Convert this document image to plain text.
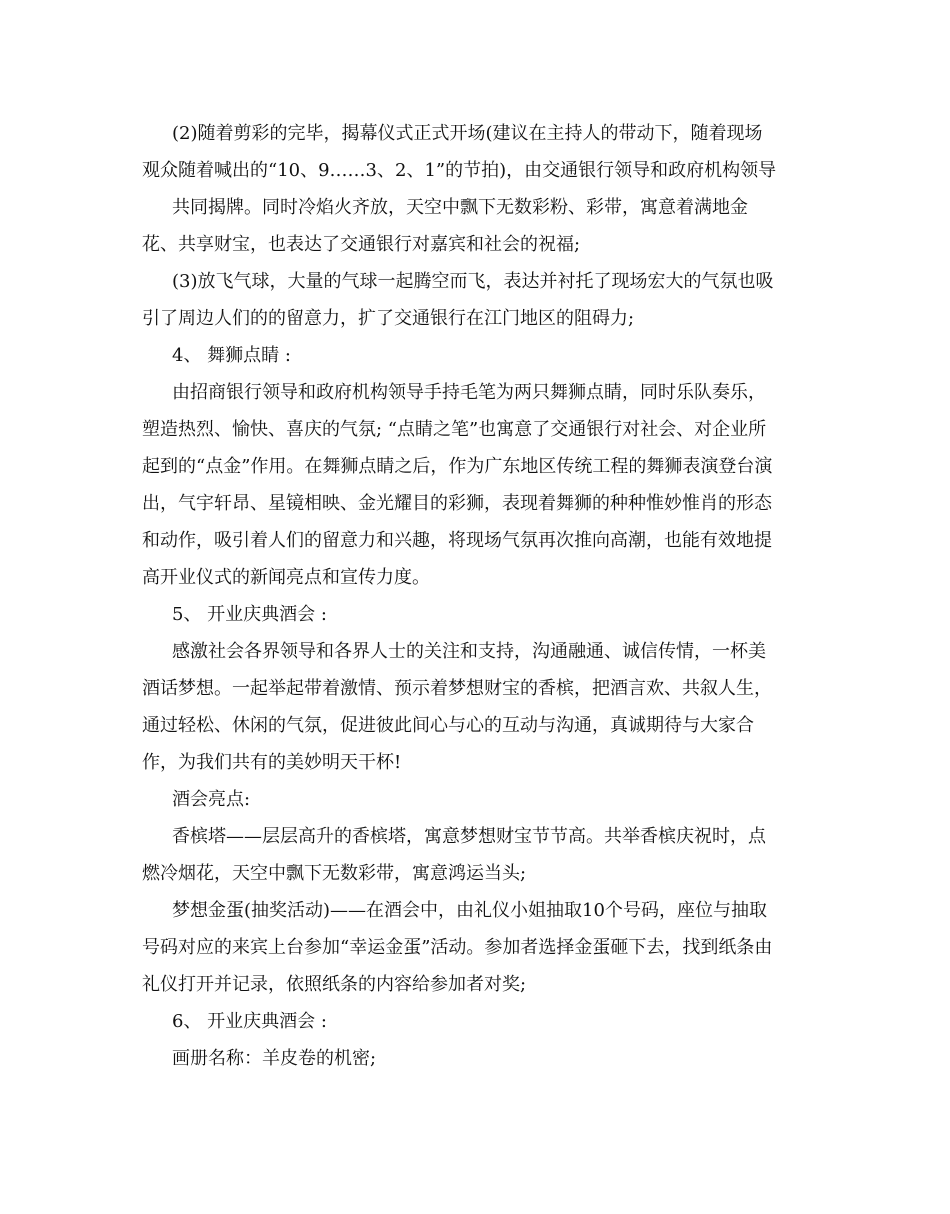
(2)随着剪彩的完毕，揭幕仪式正式开场(建议在主持人的带动下，随着现场
观众随着喊出的“10、9……3、2、1”的节拍)，由交通银行领导和政府机构领导
共同揭牌。同时冷焰火齐放，天空中飘下无数彩粉、彩带，寓意着满地金
花、共享财宝，也表达了交通银行对嘉宾和社会的祝福;
(3)放飞气球，大量的气球一起腾空而飞，表达并衬托了现场宏大的气氛也吸
引了周边人们的的留意力，扩了交通银行在江门地区的阻碍力;
4、 舞狮点睛 :
由招商银行领导和政府机构领导手持毛笔为两只舞狮点睛，同时乐队奏乐，
塑造热烈、愉快、喜庆的气氛; “点睛之笔”也寓意了交通银行对社会、对企业所
起到的“点金”作用。在舞狮点睛之后，作为广东地区传统工程的舞狮表演登台演
出，气宇轩昂、星镜相映、金光耀目的彩狮，表现着舞狮的种种惟妙惟肖的形态
和动作，吸引着人们的留意力和兴趣，将现场气氛再次推向高潮，也能有效地提
高开业仪式的新闻亮点和宣传力度。
5、 开业庆典酒会 :
感激社会各界领导和各界人士的关注和支持，沟通融通、诚信传情，一杯美
酒话梦想。一起举起带着激情、预示着梦想财宝的香槟，把酒言欢、共叙人生，
通过轻松、休闲的气氛，促进彼此间心与心的互动与沟通，真诚期待与大家合
作，为我们共有的美妙明天干杯!
酒会亮点:
香槟塔——层层高升的香槟塔，寓意梦想财宝节节高。共举香槟庆祝时，点
燃冷烟花，天空中飘下无数彩带，寓意鸿运当头;
梦想金蛋(抽奖活动)——在酒会中，由礼仪小姐抽取10个号码，座位与抽取
号码对应的来宾上台参加“幸运金蛋”活动。参加者选择金蛋砸下去，找到纸条由
礼仪打开并记录，依照纸条的内容给参加者对奖;
6、 开业庆典酒会 :
画册名称：羊皮卷的机密;
